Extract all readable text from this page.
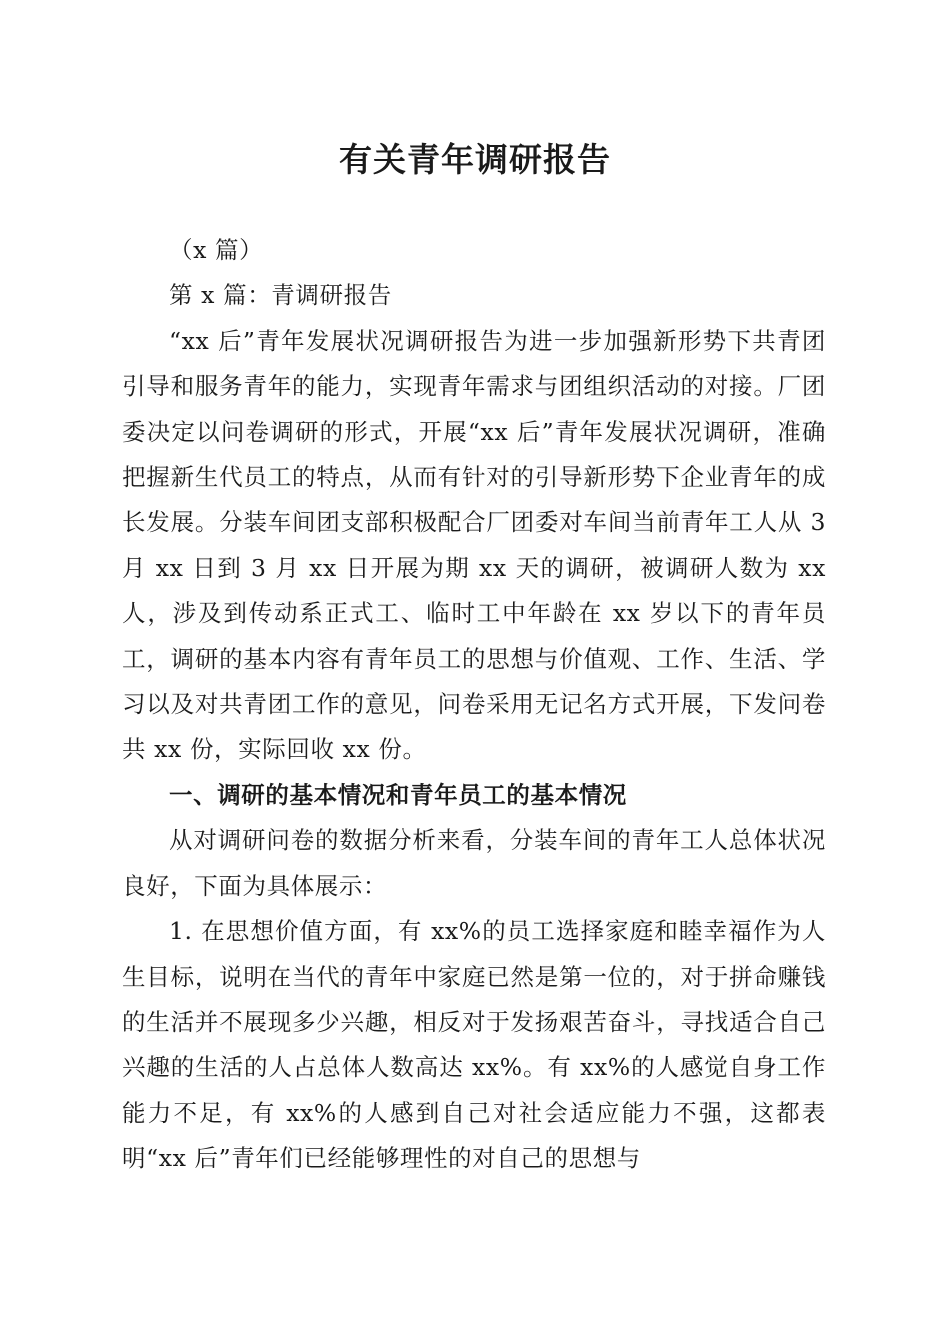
有关青年调研报告

（x 篇）

第 x 篇：青调研报告

“xx 后”青年发展状况调研报告为进一步加强新形势下共青团引导和服务青年的能力，实现青年需求与团组织活动的对接。厂团委决定以问卷调研的形式，开展“xx 后”青年发展状况调研，准确把握新生代员工的特点，从而有针对的引导新形势下企业青年的成长发展。分装车间团支部积极配合厂团委对车间当前青年工人从 3 月 xx 日到 3 月 xx 日开展为期 xx 天的调研，被调研人数为 xx 人，涉及到传动系正式工、临时工中年龄在 xx 岁以下的青年员工，调研的基本内容有青年员工的思想与价值观、工作、生活、学习以及对共青团工作的意见，问卷采用无记名方式开展，下发问卷共 xx 份，实际回收 xx 份。

一、调研的基本情况和青年员工的基本情况

从对调研问卷的数据分析来看，分装车间的青年工人总体状况良好，下面为具体展示：

1. 在思想价值方面，有 xx%的员工选择家庭和睦幸福作为人生目标，说明在当代的青年中家庭已然是第一位的，对于拼命赚钱的生活并不展现多少兴趣，相反对于发扬艰苦奋斗，寻找适合自己兴趣的生活的人占总体人数高达 xx%。有 xx%的人感觉自身工作能力不足，有 xx%的人感到自己对社会适应能力不强，这都表明“xx 后”青年们已经能够理性的对自己的思想与
